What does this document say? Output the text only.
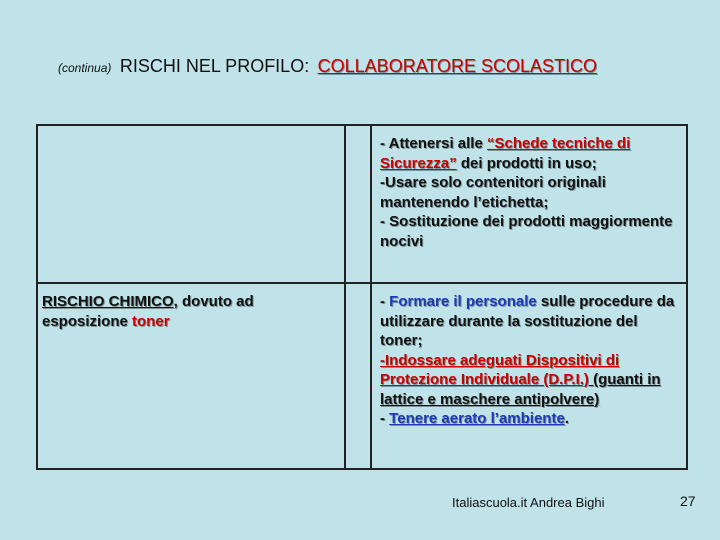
(continua) RISCHI NEL PROFILO: COLLABORATORE SCOLASTICO
- Attenersi alle “Schede tecniche di Sicurezza” dei prodotti in uso;
-Usare solo contenitori originali mantenendo l’etichetta;
- Sostituzione dei prodotti maggiormente nocivi
RISCHIO CHIMICO, dovuto ad esposizione toner
- Formare il personale sulle procedure da utilizzare durante la sostituzione del toner;
-Indossare adeguati Dispositivi di Protezione Individuale (D.P.I.) (guanti in lattice e maschere antipolvere)
- Tenere aerato l’ambiente.
Italiascuola.it Andrea Bighi	27
